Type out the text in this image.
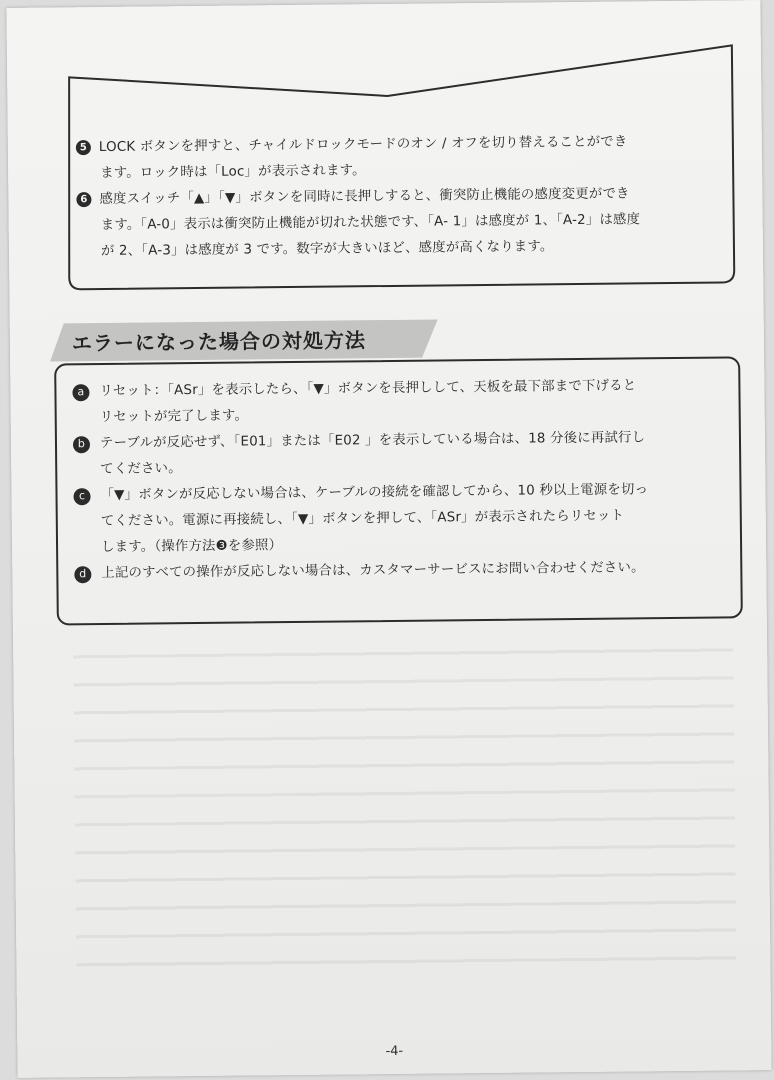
5 LOCK ボタンを押すと、チャイルドロックモードのオン / オフを切り替えることができ
ます。ロック時は「Loc」が表示されます。
6 感度スイッチ「▲」「▼」ボタンを同時に長押しすると、衝突防止機能の感度変更ができ
ます。「A-0」表示は衝突防止機能が切れた状態です、「A- 1」は感度が 1、「A-2」は感度
が 2、「A-3」は感度が 3 です。数字が大きいほど、感度が高くなります。
エラーになった場合の対処方法
a リセット：「ASr」を表示したら、「▼」ボタンを長押しして、天板を最下部まで下げると
リセットが完了します。
b テーブルが反応せず、「E01」または「E02 」を表示している場合は、18 分後に再試行し
てください。
c 「▼」ボタンが反応しない場合は、ケーブルの接続を確認してから、10 秒以上電源を切っ
てください。電源に再接続し、「▼」ボタンを押して、「ASr」が表示されたらリセット
します。（操作方法❸を参照）
d 上記のすべての操作が反応しない場合は、カスタマーサービスにお問い合わせください。
-4-
